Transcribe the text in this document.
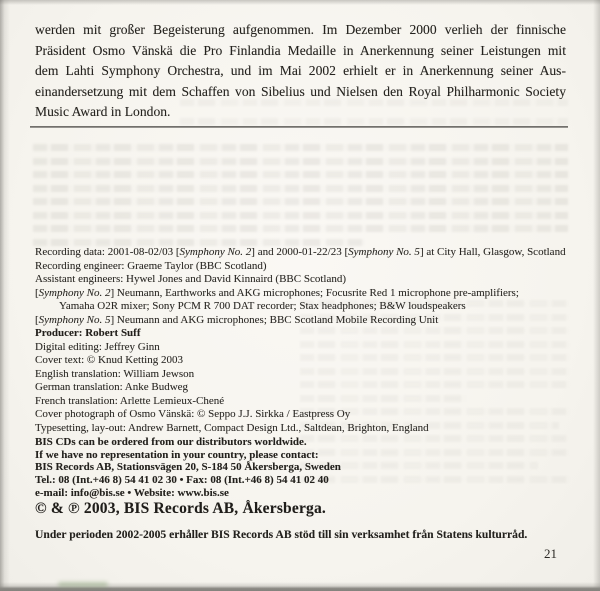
werden mit großer Begeisterung aufgenommen. Im Dezember 2000 verlieh der finnische
Präsident Osmo Vänskä die Pro Finlandia Medaille in Anerkennung seiner Leistungen mit
dem Lahti Symphony Orchestra, und im Mai 2002 erhielt er in Anerkennung seiner Aus-
einandersetzung mit dem Schaffen von Sibelius und Nielsen den Royal Philharmonic Society
Music Award in London.
Recording data: 2001-08-02/03 [Symphony No. 2] and 2000-01-22/23 [Symphony No. 5] at City Hall, Glasgow, Scotland
Recording engineer: Graeme Taylor (BBC Scotland)
Assistant engineers: Hywel Jones and David Kinnaird (BBC Scotland)
[Symphony No. 2] Neumann, Earthworks and AKG microphones; Focusrite Red 1 microphone pre-amplifiers;
Yamaha O2R mixer; Sony PCM R 700 DAT recorder; Stax headphones; B&W loudspeakers
[Symphony No. 5] Neumann and AKG microphones; BBC Scotland Mobile Recording Unit
Producer: Robert Suff
Digital editing: Jeffrey Ginn
Cover text: © Knud Ketting 2003
English translation: William Jewson
German translation: Anke Budweg
French translation: Arlette Lemieux-Chené
Cover photograph of Osmo Vänskä: © Seppo J.J. Sirkka / Eastpress Oy
Typesetting, lay-out: Andrew Barnett, Compact Design Ltd., Saltdean, Brighton, England
BIS CDs can be ordered from our distributors worldwide.
If we have no representation in your country, please contact:
BIS Records AB, Stationsvägen 20, S-184 50 Åkersberga, Sweden
Tel.: 08 (Int.+46 8) 54 41 02 30 • Fax: 08 (Int.+46 8) 54 41 02 40
e-mail: info@bis.se • Website: www.bis.se
© & ℗ 2003, BIS Records AB, Åkersberga.
Under perioden 2002-2005 erhåller BIS Records AB stöd till sin verksamhet från Statens kulturråd.
21
